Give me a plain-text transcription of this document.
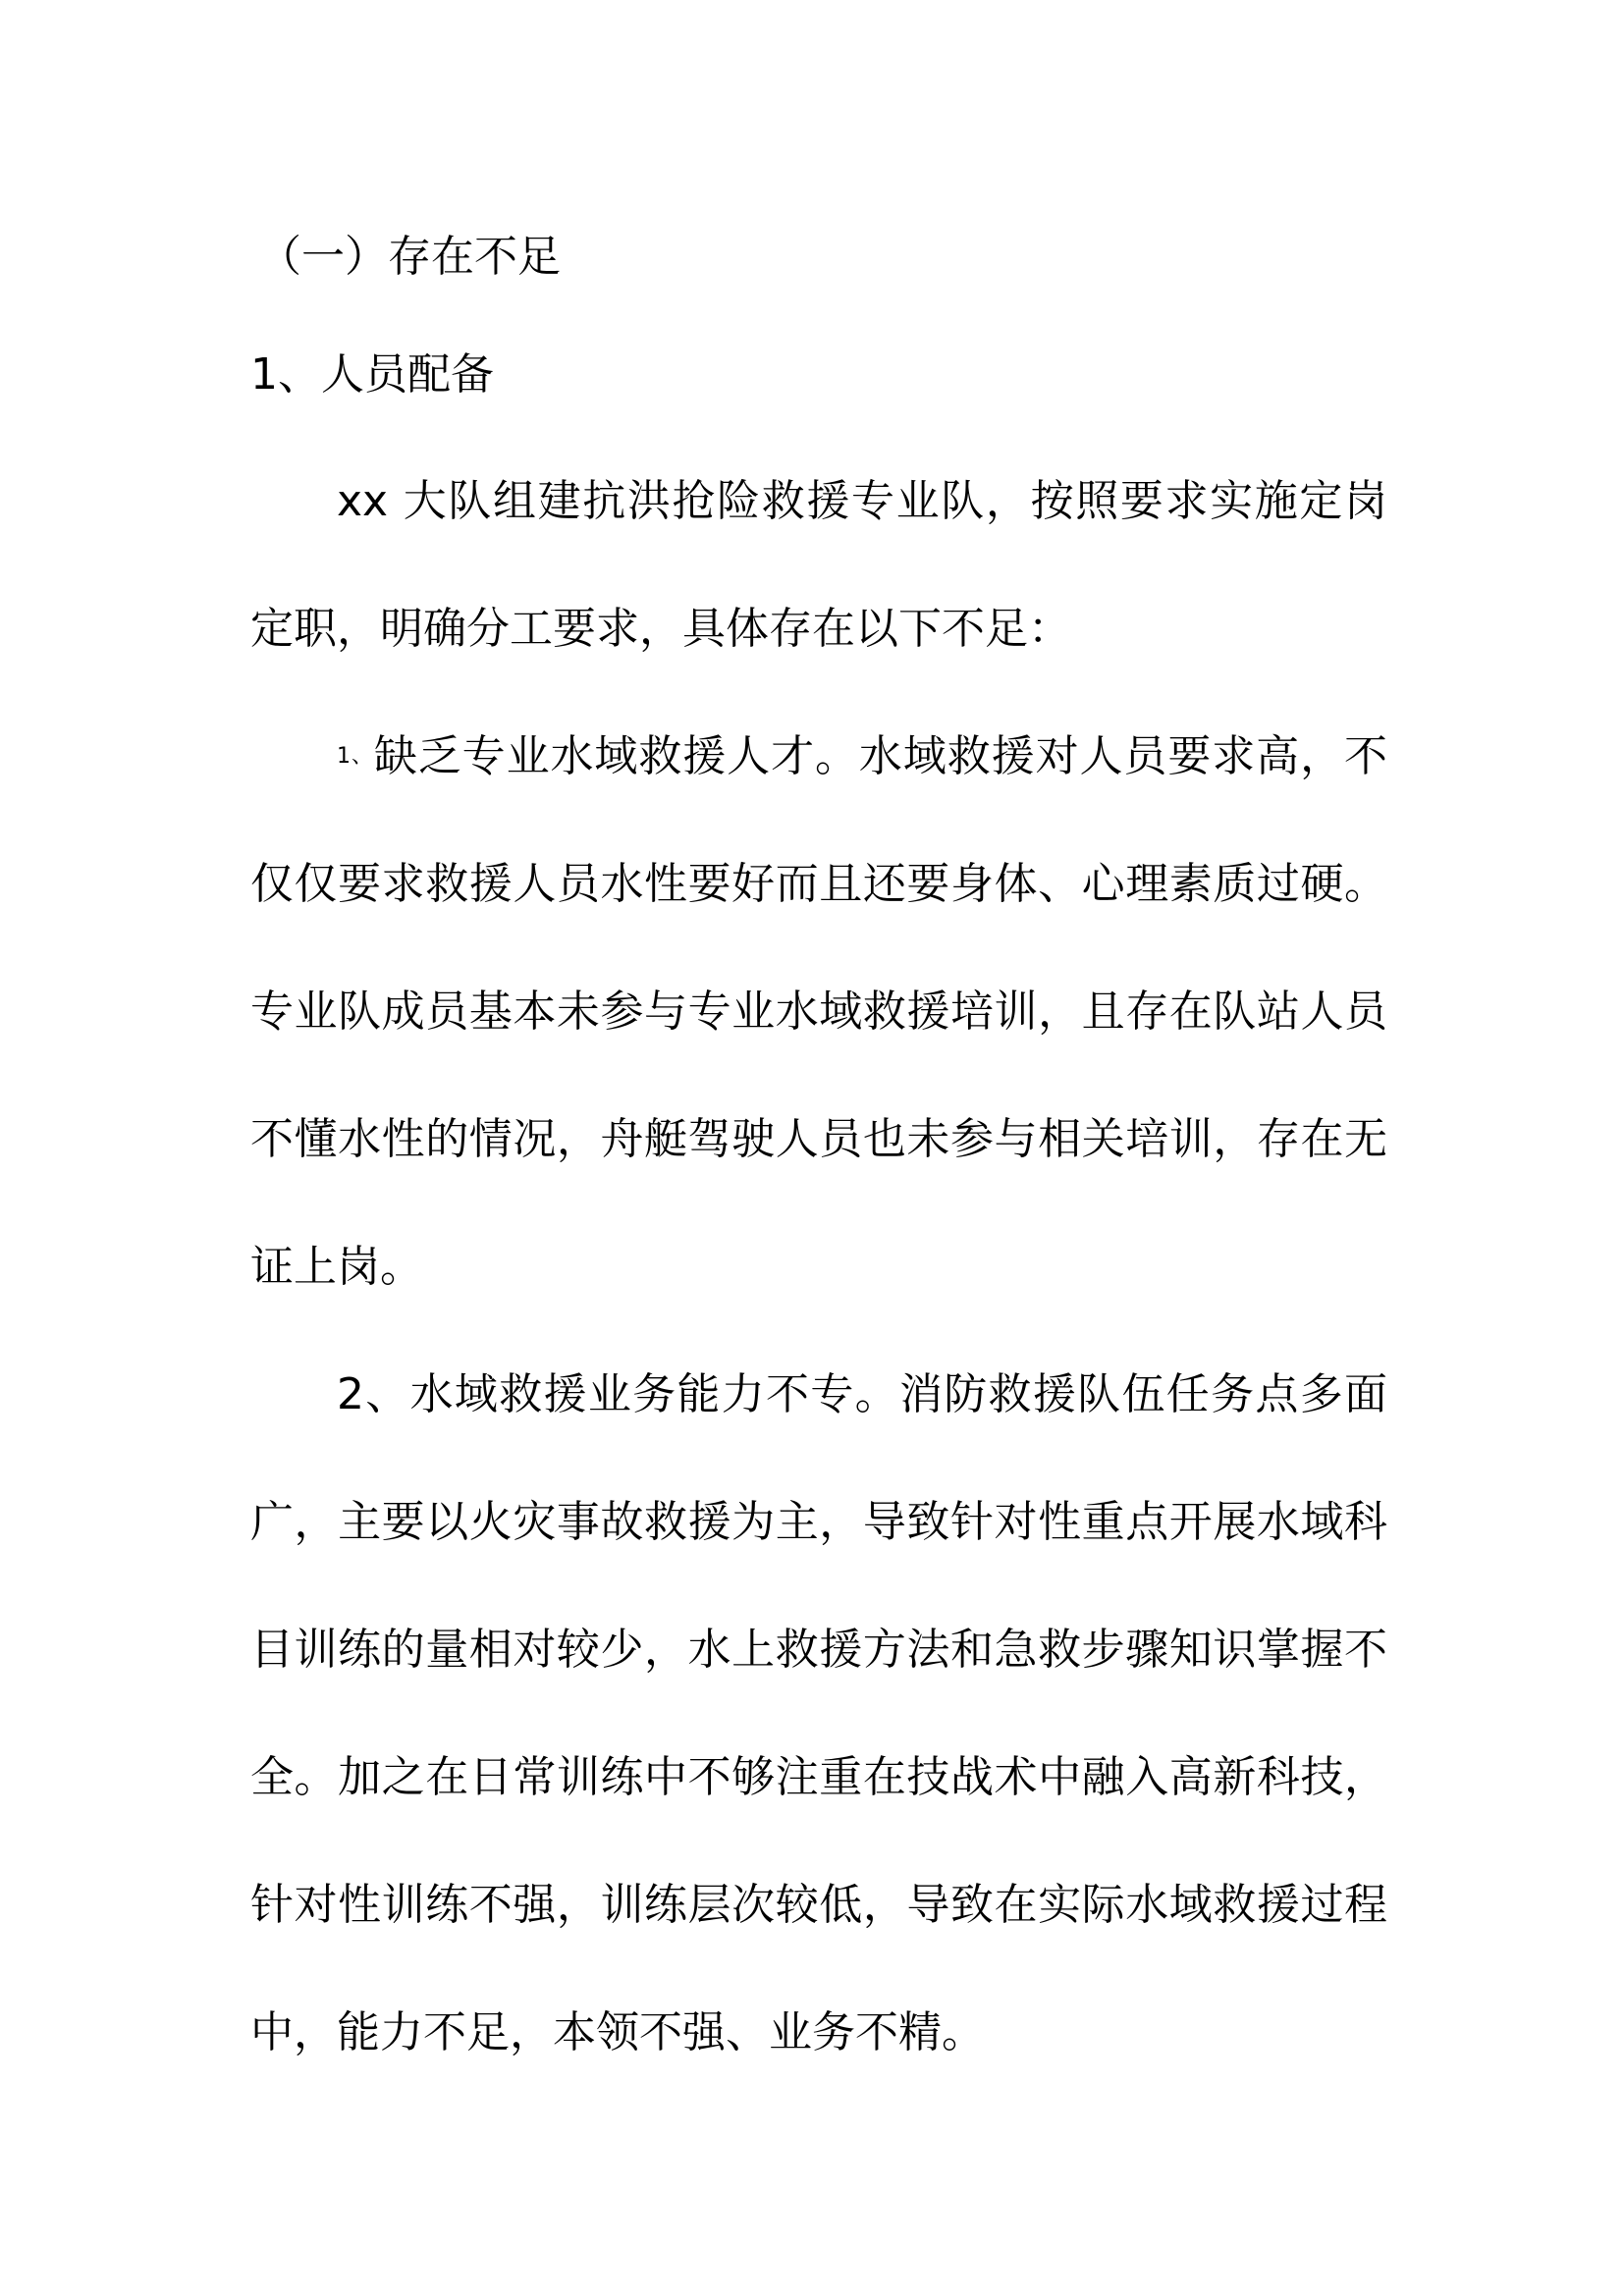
（一）存在不足

1、人员配备

xx 大队组建抗洪抢险救援专业队，按照要求实施定岗定职，明确分工要求，具体存在以下不足：

1、缺乏专业水域救援人才。水域救援对人员要求高，不仅仅要求救援人员水性要好而且还要身体、心理素质过硬。专业队成员基本未参与专业水域救援培训，且存在队站人员不懂水性的情况，舟艇驾驶人员也未参与相关培训，存在无证上岗。

2、水域救援业务能力不专。消防救援队伍任务点多面广，主要以火灾事故救援为主，导致针对性重点开展水域科目训练的量相对较少，水上救援方法和急救步骤知识掌握不全。加之在日常训练中不够注重在技战术中融入高新科技，针对性训练不强，训练层次较低，导致在实际水域救援过程中，能力不足，本领不强、业务不精。
